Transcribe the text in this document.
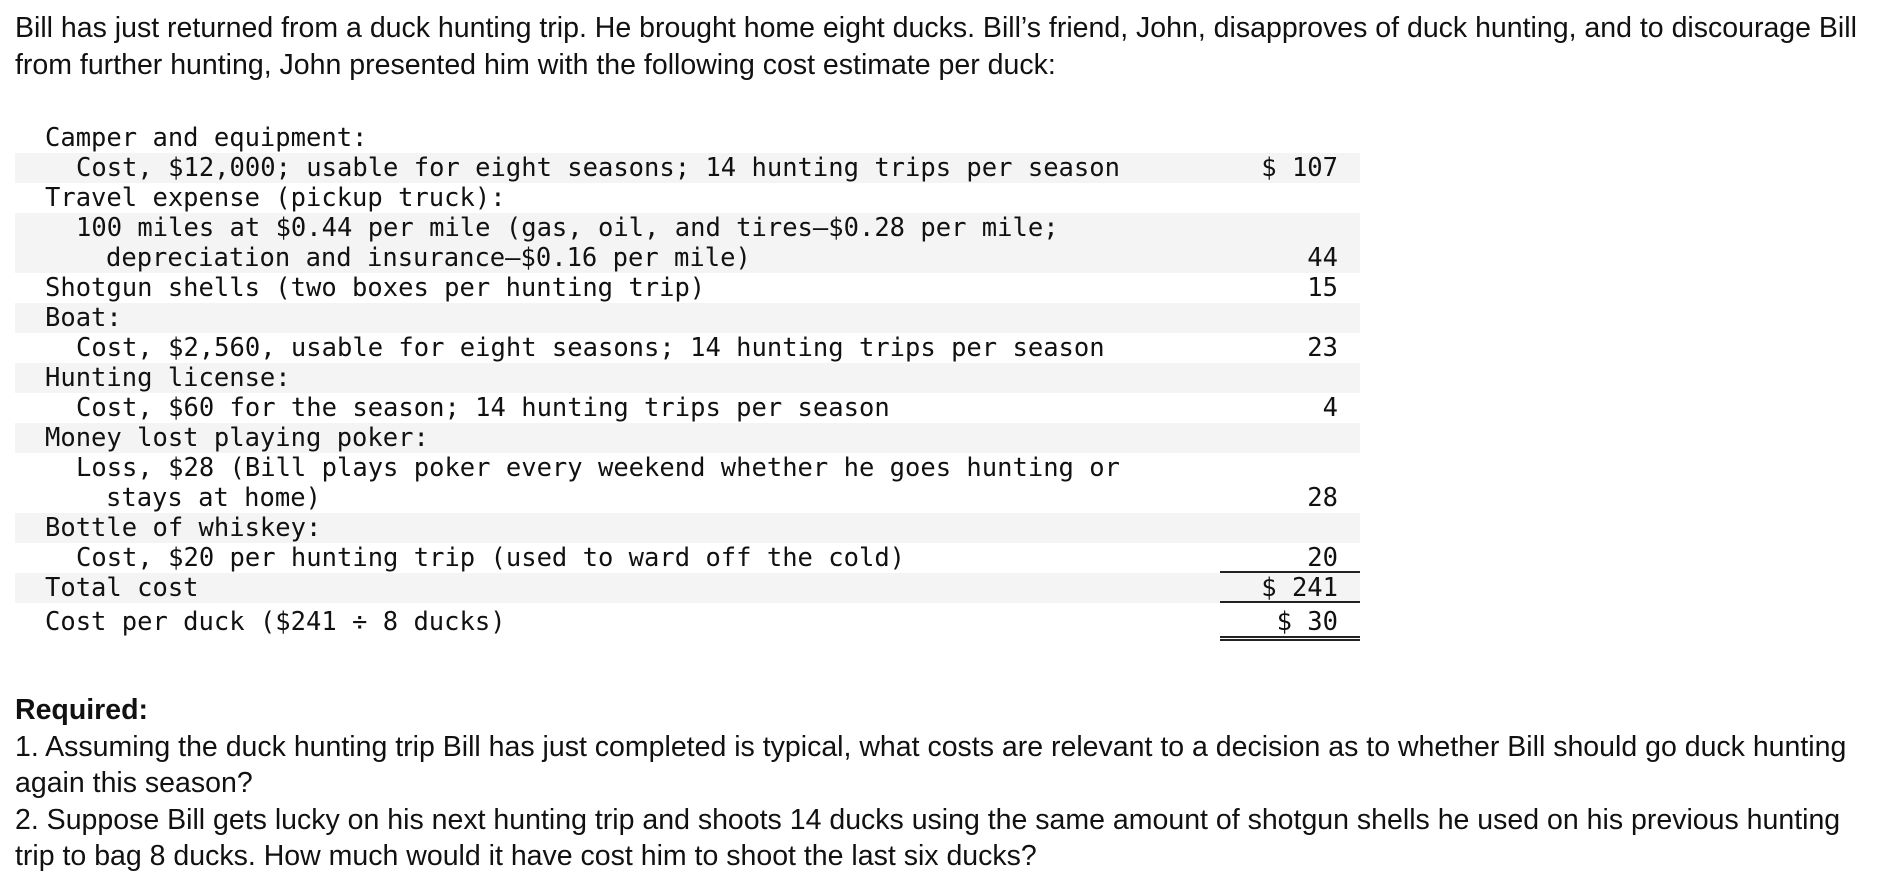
Bill has just returned from a duck hunting trip. He brought home eight ducks. Bill’s friend, John, disapproves of duck hunting, and to discourage Bill from further hunting, John presented him with the following cost estimate per duck:

Camper and equipment:
Cost, $12,000; usable for eight seasons; 14 hunting trips per season	$ 107
Travel expense (pickup truck):
100 miles at $0.44 per mile (gas, oil, and tires—$0.28 per mile;
depreciation and insurance—$0.16 per mile)	44
Shotgun shells (two boxes per hunting trip)	15
Boat:
Cost, $2,560, usable for eight seasons; 14 hunting trips per season	23
Hunting license:
Cost, $60 for the season; 14 hunting trips per season	4
Money lost playing poker:
Loss, $28 (Bill plays poker every weekend whether he goes hunting or
stays at home)	28
Bottle of whiskey:
Cost, $20 per hunting trip (used to ward off the cold)	20
Total cost	$ 241
Cost per duck ($241 ÷ 8 ducks)	$ 30
Required:
1. Assuming the duck hunting trip Bill has just completed is typical, what costs are relevant to a decision as to whether Bill should go duck hunting again this season?
2. Suppose Bill gets lucky on his next hunting trip and shoots 14 ducks using the same amount of shotgun shells he used on his previous hunting trip to bag 8 ducks. How much would it have cost him to shoot the last six ducks?
